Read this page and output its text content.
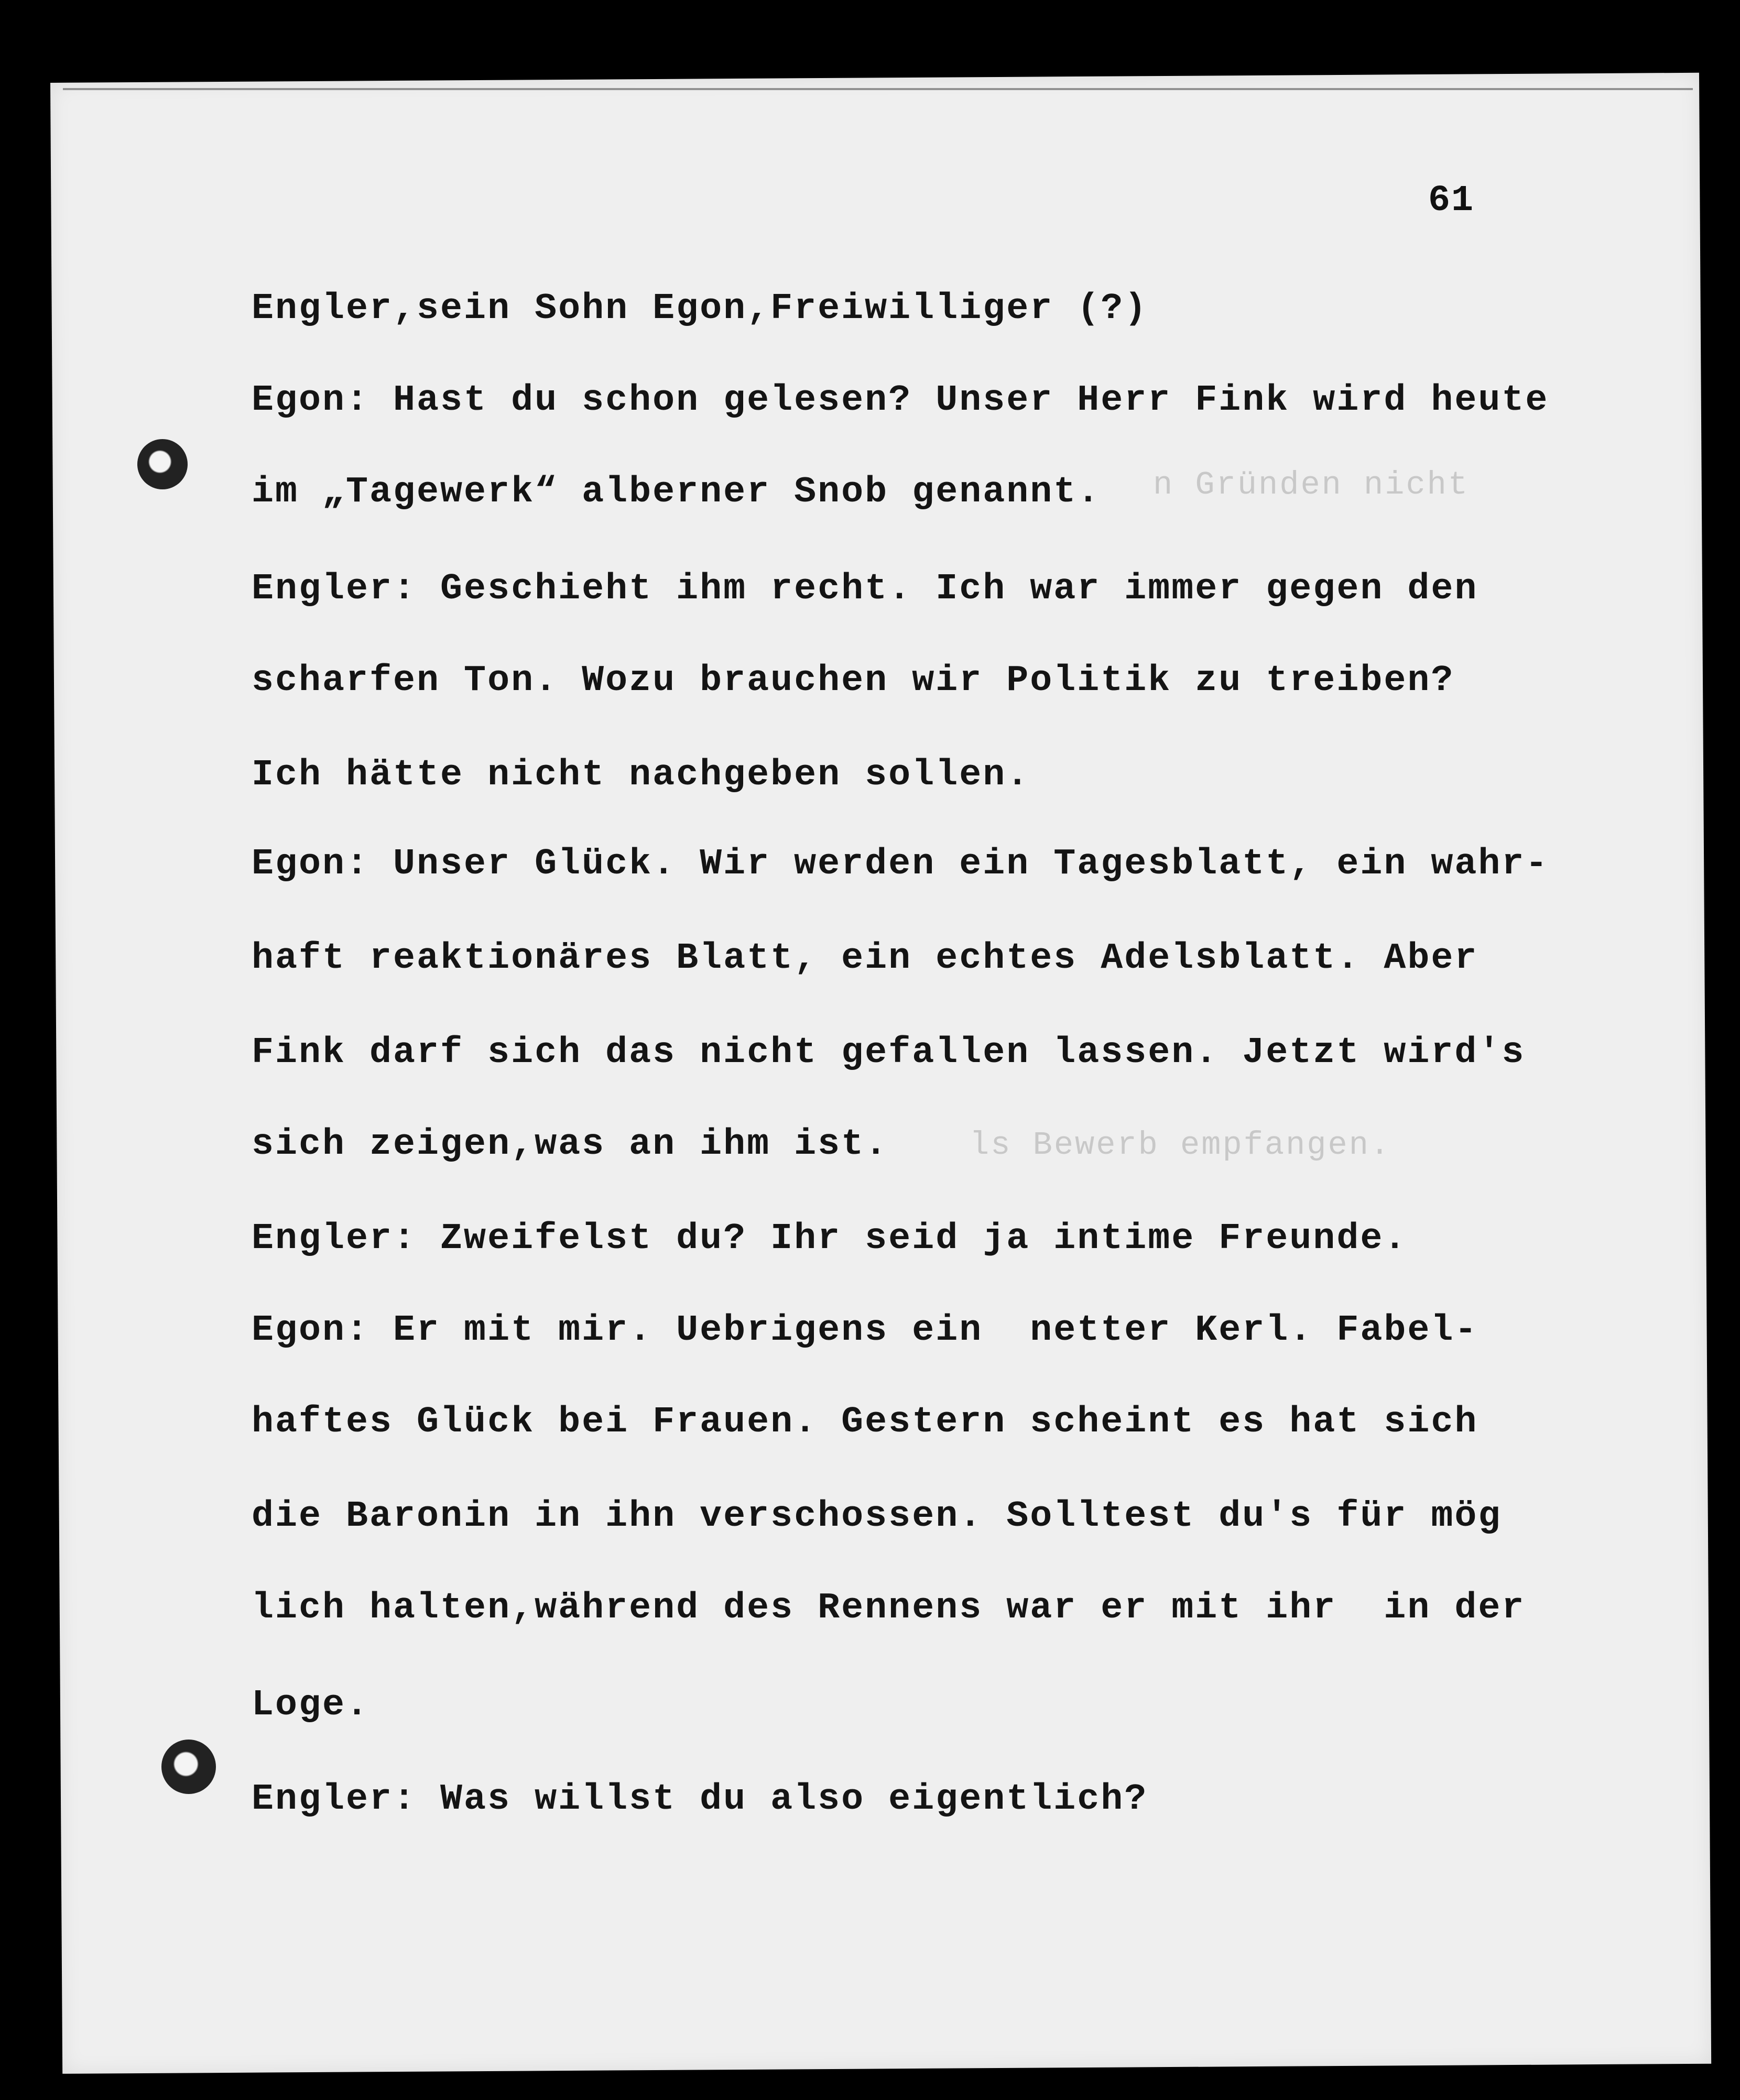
n Gründen nicht
ls Bewerb empfangen.
61
Engler,sein Sohn Egon,Freiwilliger (?)
Egon: Hast du schon gelesen? Unser Herr Fink wird heute
im „Tagewerk“ alberner Snob genannt.
Engler: Geschieht ihm recht. Ich war immer gegen den
scharfen Ton. Wozu brauchen wir Politik zu treiben?
Ich hätte nicht nachgeben sollen.
Egon: Unser Glück. Wir werden ein Tagesblatt, ein wahr-
haft reaktionäres Blatt, ein echtes Adelsblatt. Aber
Fink darf sich das nicht gefallen lassen. Jetzt wird's
sich zeigen,was an ihm ist.
Engler: Zweifelst du? Ihr seid ja intime Freunde.
Egon: Er mit mir. Uebrigens ein  netter Kerl. Fabel-
haftes Glück bei Frauen. Gestern scheint es hat sich
die Baronin in ihn verschossen. Solltest du's für mög
lich halten,während des Rennens war er mit ihr  in der
Loge.
Engler: Was willst du also eigentlich?
